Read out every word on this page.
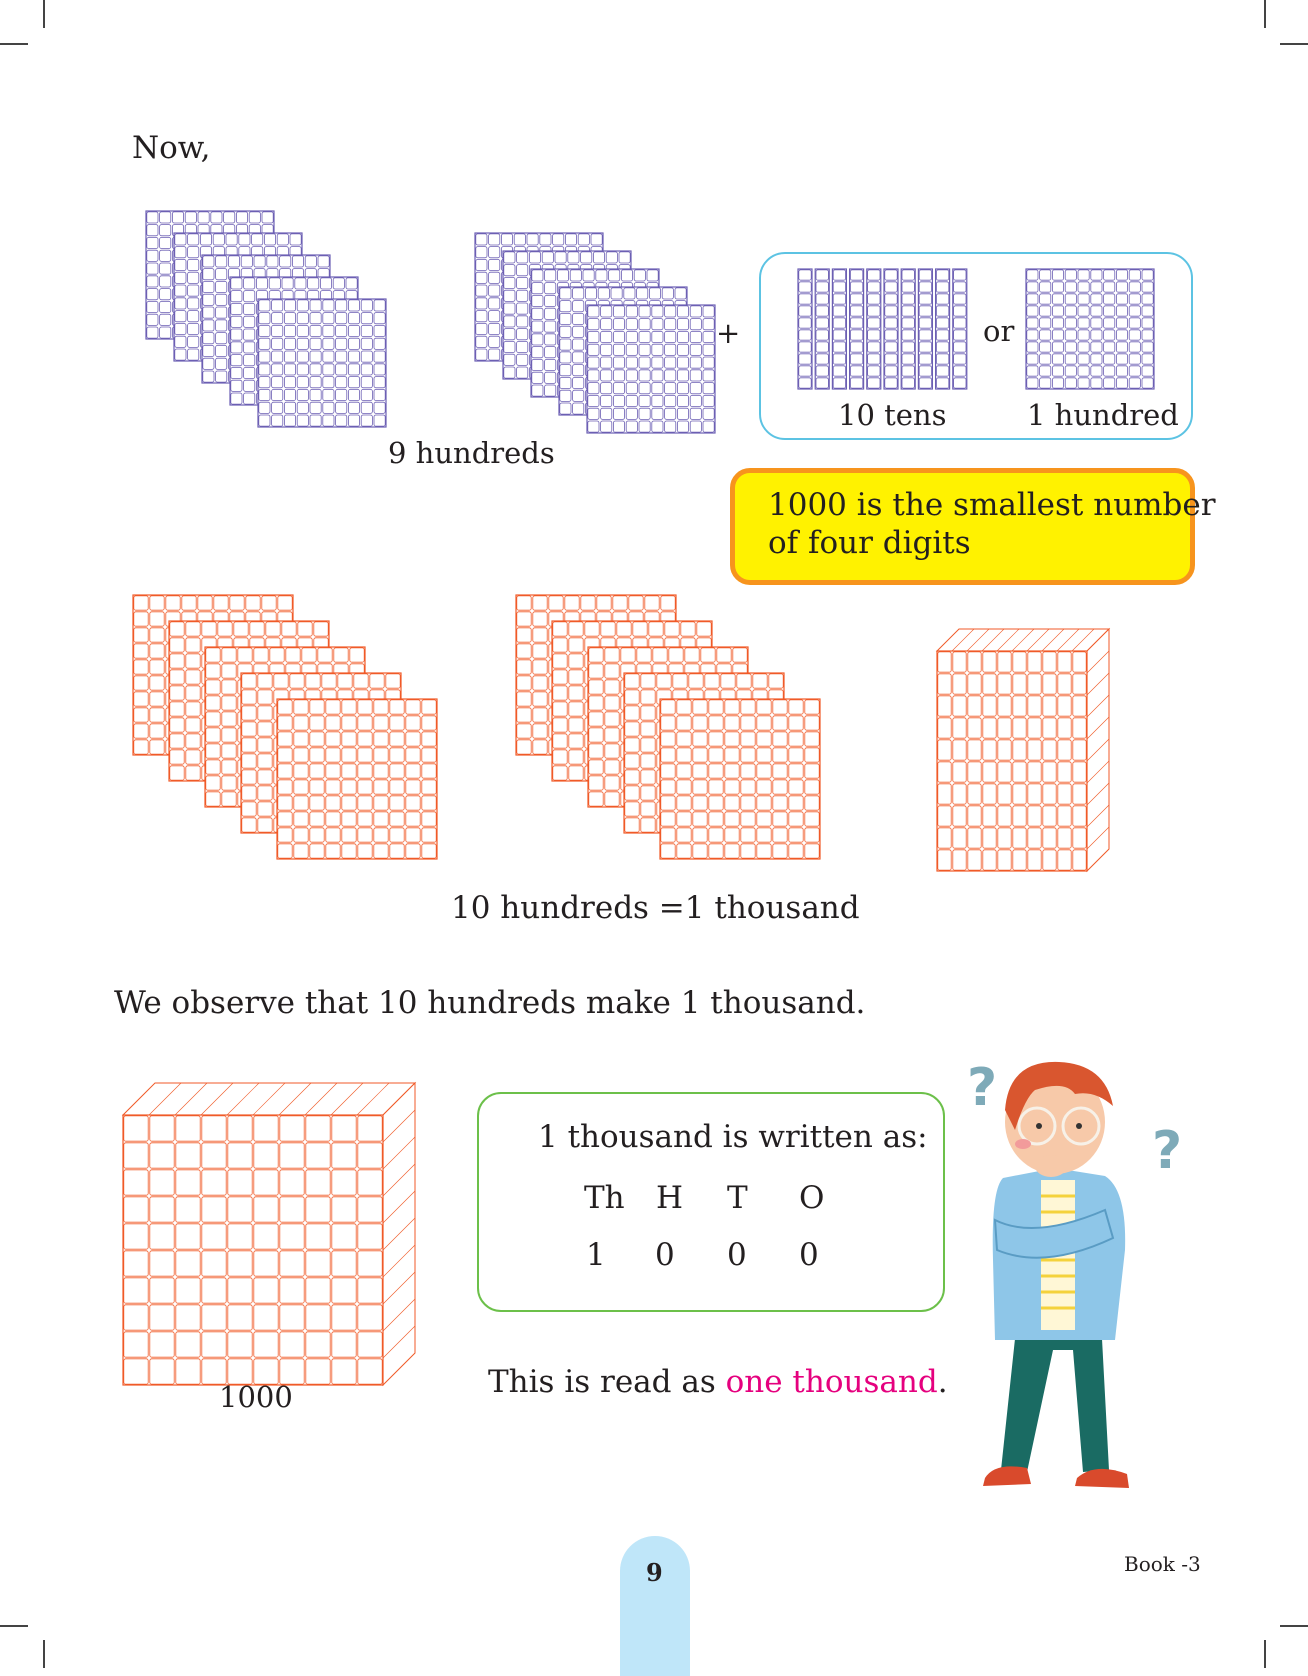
Now,
+	or
10 tens	1 hundred
9 hundreds
1000 is the smallest number
of four digits
10 hundreds =1 thousand
We observe that 10 hundreds make 1 thousand.
1000
1 thousand is written as:
Th H T O
1 0 0 0
This is read as one thousand.
?
?
9	Book -3
